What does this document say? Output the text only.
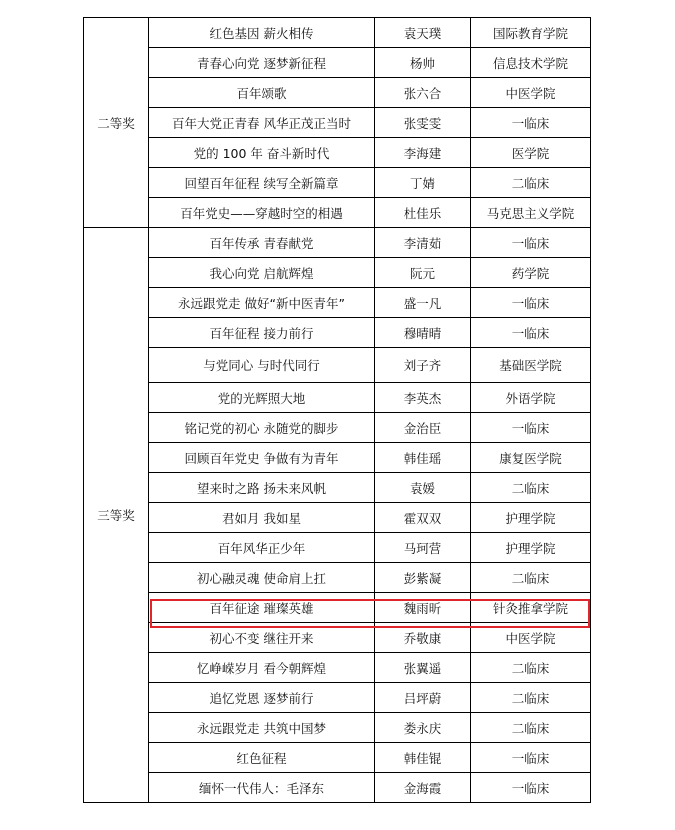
二等奖	红色基因 薪火相传	袁天璞	国际教育学院
	青春心向党 逐梦新征程	杨帅	信息技术学院
	百年颂歌	张六合	中医学院
	百年大党正青春 风华正茂正当时	张雯雯	一临床
	党的 100 年 奋斗新时代	李海建	医学院
	回望百年征程 续写全新篇章	丁婧	二临床
	百年党史——穿越时空的相遇	杜佳乐	马克思主义学院
三等奖	百年传承 青春献党	李清茹	一临床
	我心向党 启航辉煌	阮元	药学院
	永远跟党走 做好“新中医青年”	盛一凡	一临床
	百年征程 接力前行	穆晴晴	一临床
	与党同心 与时代同行	刘子齐	基础医学院
	党的光辉照大地	李英杰	外语学院
	铭记党的初心 永随党的脚步	金治臣	一临床
	回顾百年党史 争做有为青年	韩佳瑶	康复医学院
	望来时之路 扬未来风帆	袁媛	二临床
	君如月 我如星	霍双双	护理学院
	百年风华正少年	马珂营	护理学院
	初心融灵魂 使命肩上扛	彭紫凝	二临床
	百年征途 璀璨英雄	魏雨昕	针灸推拿学院
	初心不变 继往开来	乔敬康	中医学院
	忆峥嵘岁月 看今朝辉煌	张翼遥	二临床
	追忆党恩 逐梦前行	吕坪蔚	二临床
	永远跟党走 共筑中国梦	娄永庆	二临床
	红色征程	韩佳锟	一临床
	缅怀一代伟人：毛泽东	金海霞	一临床
